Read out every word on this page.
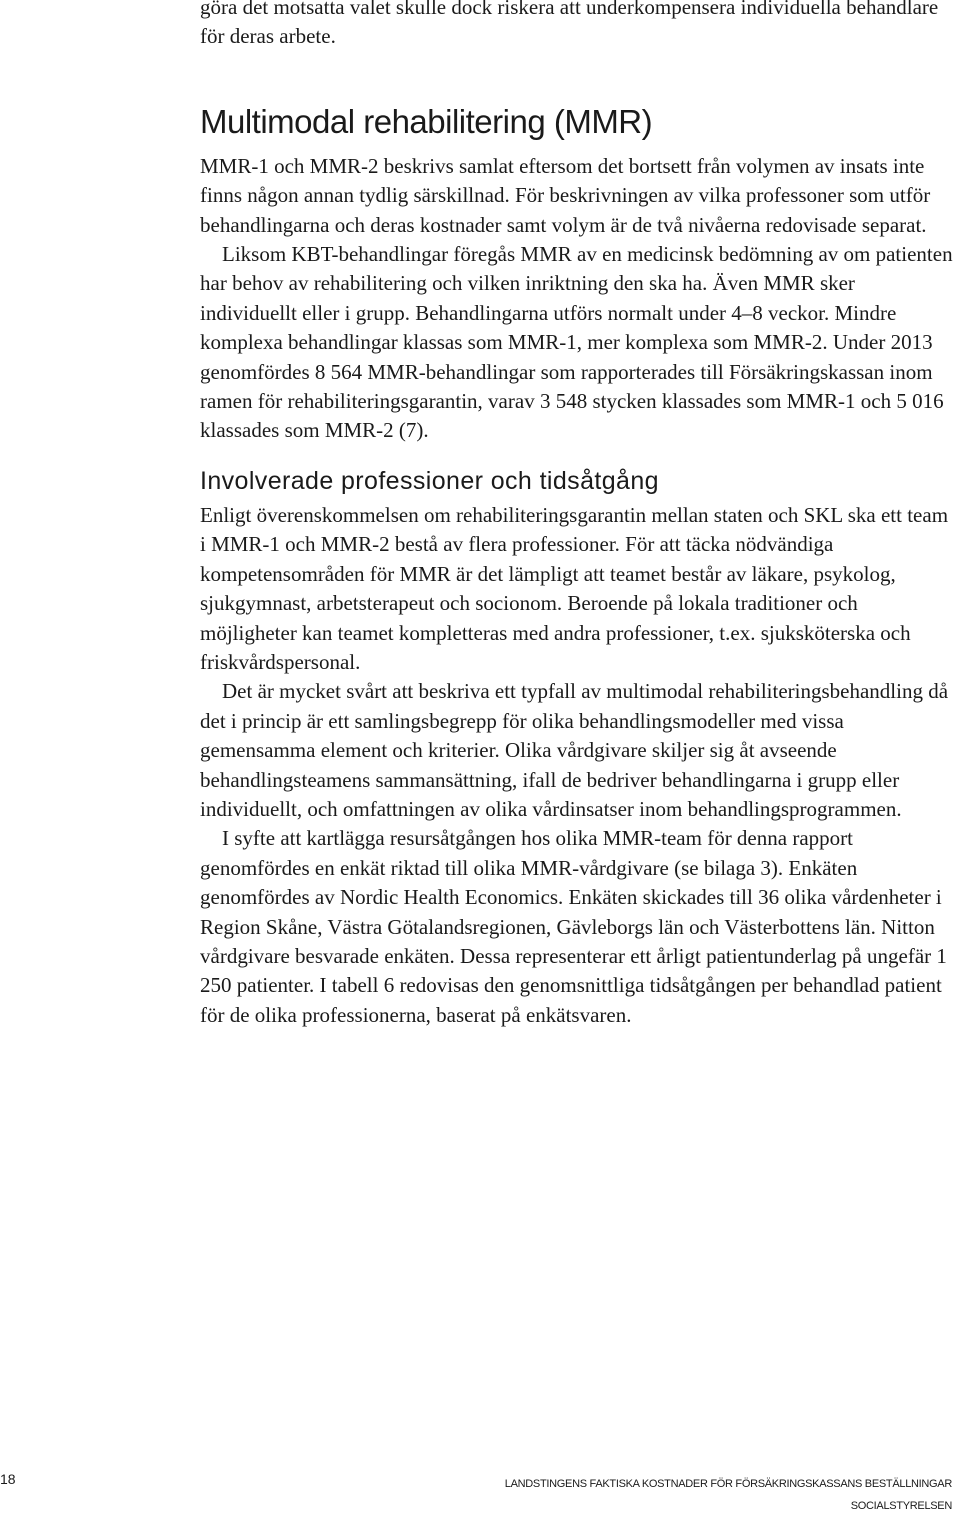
göra det motsatta valet skulle dock riskera att underkompensera individuella behandlare för deras arbete.

Multimodal rehabilitering (MMR)

MMR-1 och MMR-2 beskrivs samlat eftersom det bortsett från volymen av insats inte finns någon annan tydlig särskillnad. För beskrivningen av vilka professoner som utför behandlingarna och deras kostnader samt volym är de två nivåerna redovisade separat.

Liksom KBT-behandlingar föregås MMR av en medicinsk bedömning av om patienten har behov av rehabilitering och vilken inriktning den ska ha. Även MMR sker individuellt eller i grupp. Behandlingarna utförs normalt under 4–8 veckor. Mindre komplexa behandlingar klassas som MMR-1, mer komplexa som MMR-2. Under 2013 genomfördes 8 564 MMR-behandlingar som rapporterades till Försäkringskassan inom ramen för rehabiliteringsgarantin, varav 3 548 stycken klassades som MMR-1 och 5 016 klassades som MMR-2 (7).

Involverade professioner och tidsåtgång

Enligt överenskommelsen om rehabiliteringsgarantin mellan staten och SKL ska ett team i MMR-1 och MMR-2 bestå av flera professioner. För att täcka nödvändiga kompetensområden för MMR är det lämpligt att teamet består av läkare, psykolog, sjukgymnast, arbetsterapeut och socionom. Beroende på lokala traditioner och möjligheter kan teamet kompletteras med andra professioner, t.ex. sjuksköterska och friskvårdspersonal.

Det är mycket svårt att beskriva ett typfall av multimodal rehabiliteringsbehandling då det i princip är ett samlingsbegrepp för olika behandlingsmodeller med vissa gemensamma element och kriterier. Olika vårdgivare skiljer sig åt avseende behandlingsteamens sammansättning, ifall de bedriver behandlingarna i grupp eller individuellt, och omfattningen av olika vårdinsatser inom behandlingsprogrammen.

I syfte att kartlägga resursåtgången hos olika MMR-team för denna rapport genomfördes en enkät riktad till olika MMR-vårdgivare (se bilaga 3). Enkäten genomfördes av Nordic Health Economics. Enkäten skickades till 36 olika vårdenheter i Region Skåne, Västra Götalandsregionen, Gävleborgs län och Västerbottens län. Nitton vårdgivare besvarade enkäten. Dessa representerar ett årligt patientunderlag på ungefär 1 250 patienter. I tabell 6 redovisas den genomsnittliga tidsåtgången per behandlad patient för de olika professionerna, baserat på enkätsvaren.

18	LANDSTINGENS FAKTISKA KOSTNADER FÖR FÖRSÄKRINGSKASSANS BESTÄLLNINGAR
SOCIALSTYRELSEN
